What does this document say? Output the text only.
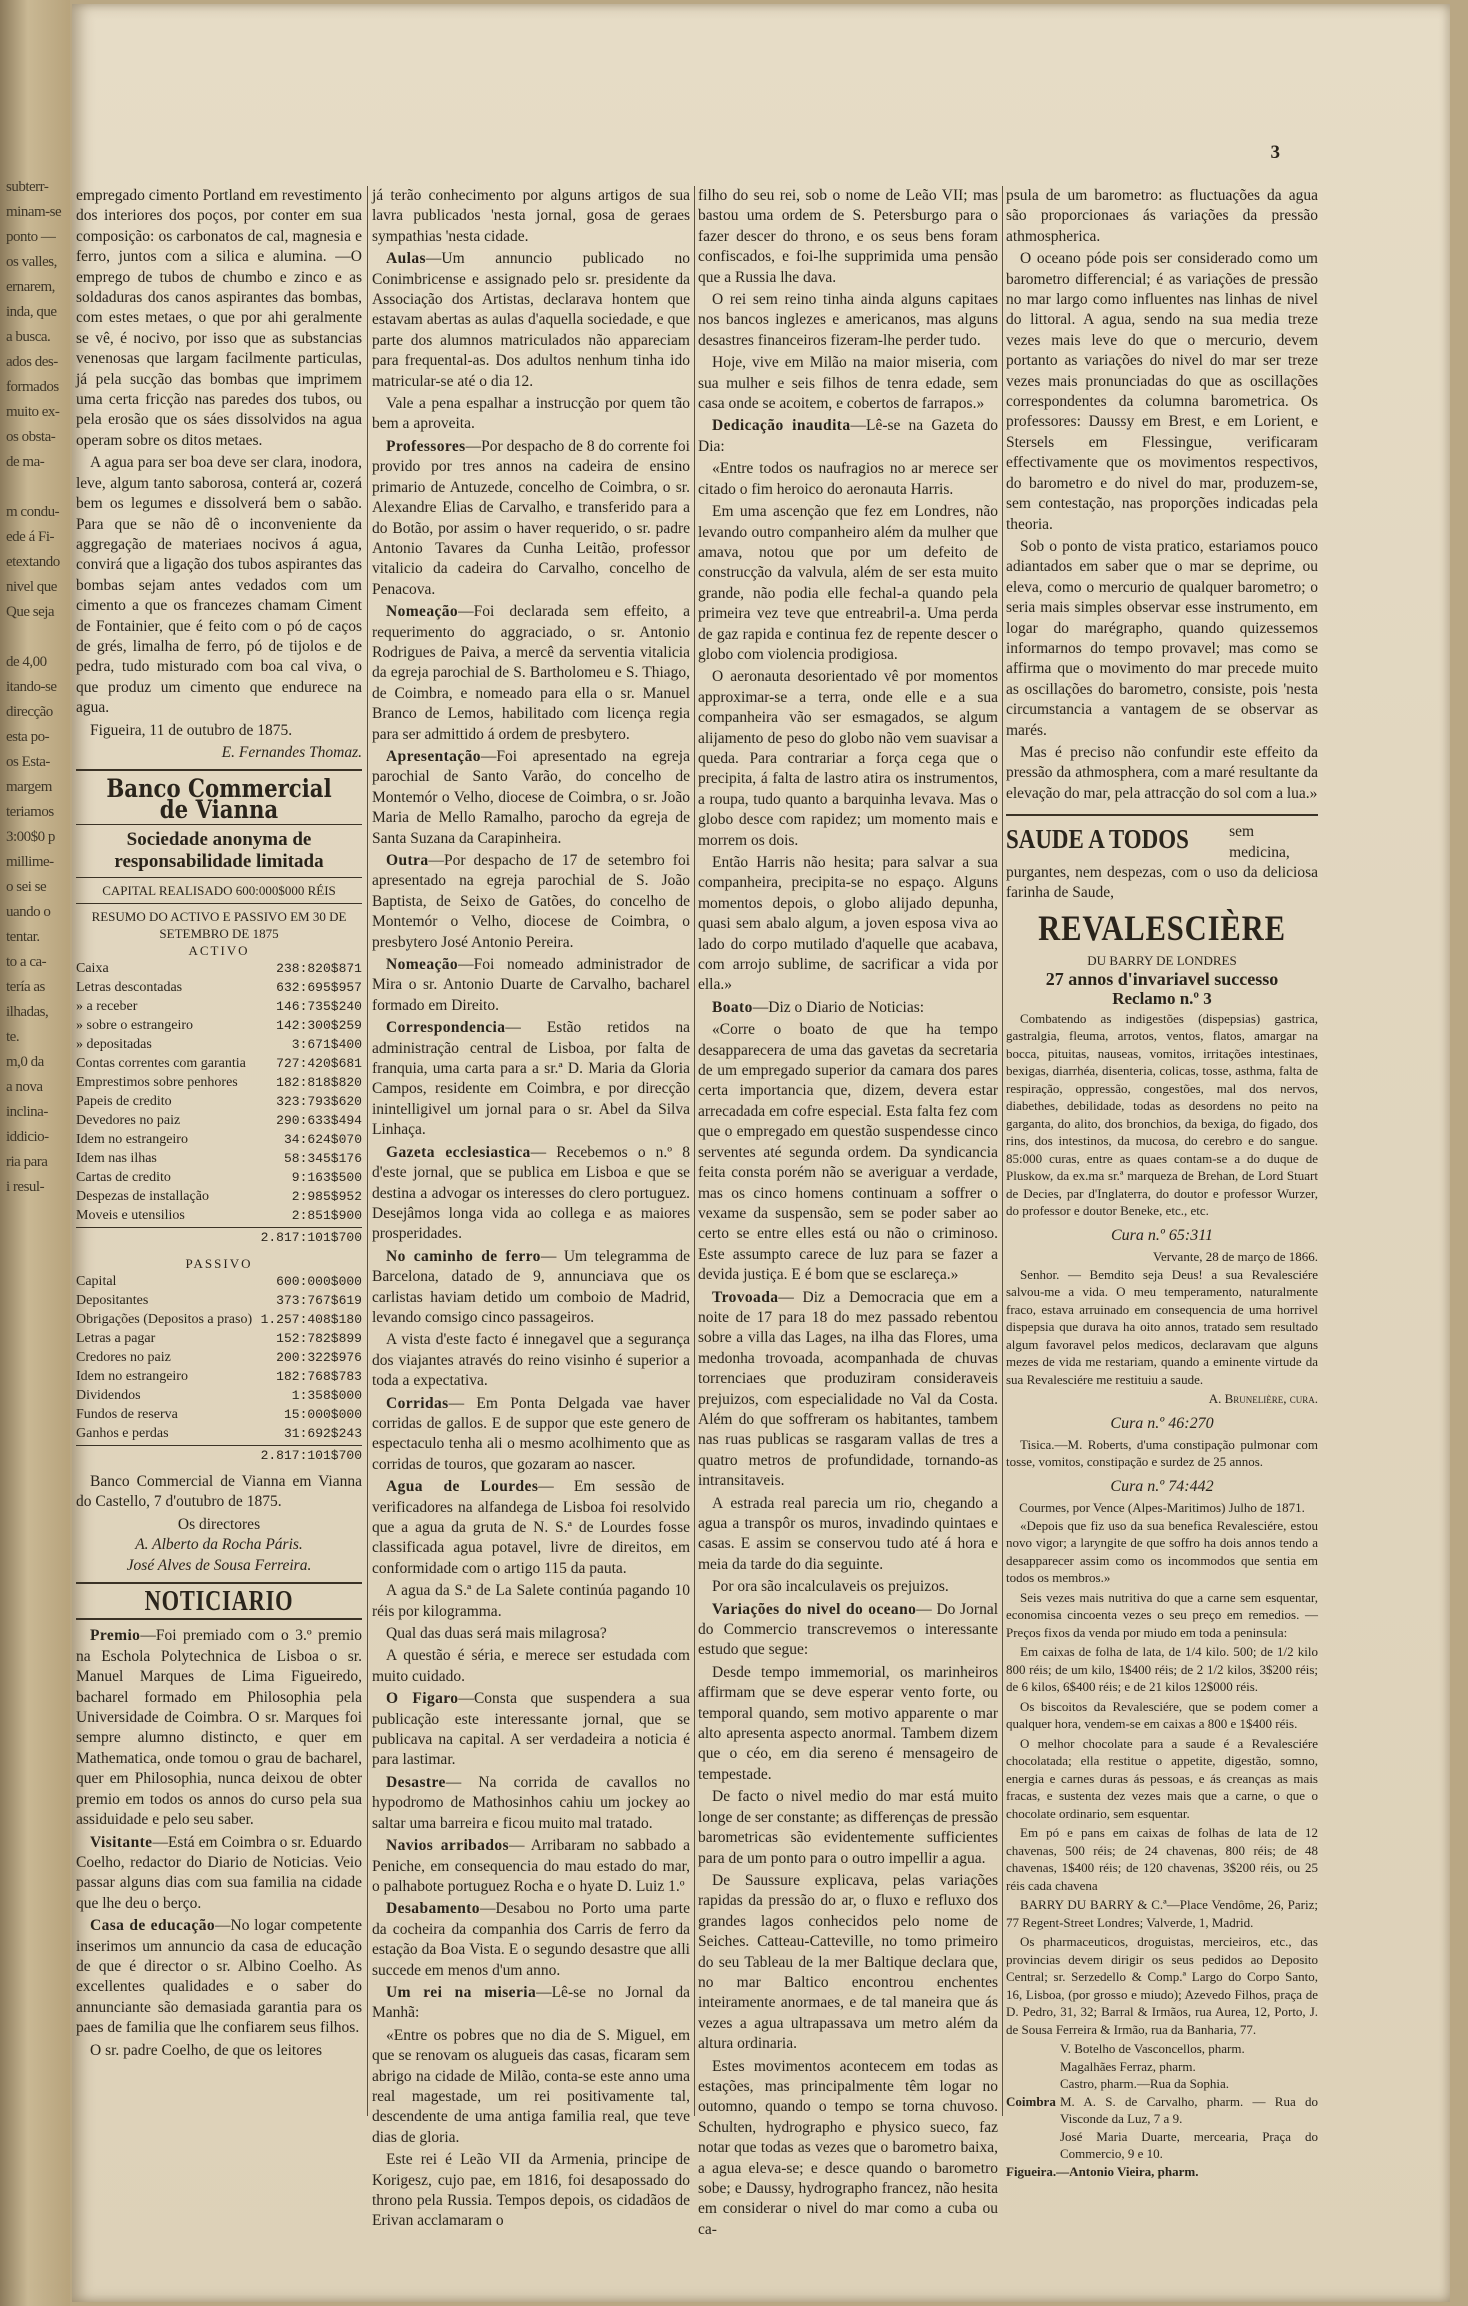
subterr-
minam-se
ponto —
os valles,
ernarem,
inda, que
a busca.
ados des-
formados
muito ex-
os obsta-
de ma-

m condu-
ede á Fi-
etextando
nivel que
Que seja

de 4,00
itando-se
direcção
esta po-
os Esta-
margem
teriamos
3:00$0 p
millime-
o sei se
uando o
tentar.
to a ca-
tería as
ilhadas,
te.
m,0 da
a nova
inclina-
iddicio-
ria para
i resul-
3

empregado cimento Portland em revestimento dos interiores dos poços, por conter em sua composição: os carbonatos de cal, magnesia e ferro, juntos com a silica e alumina. —O emprego de tubos de chumbo e zinco e as soldaduras dos canos aspirantes das bombas, com estes metaes, o que por ahi geralmente se vê, é nocivo, por isso que as substancias venenosas que largam facilmente particulas, já pela sucção das bombas que imprimem uma certa fricção nas paredes dos tubos, ou pela erosão que os sáes dissolvidos na agua operam sobre os ditos metaes.

A agua para ser boa deve ser clara, inodora, leve, algum tanto saborosa, conterá ar, cozerá bem os legumes e dissolverá bem o sabão. Para que se não dê o inconveniente da aggregação de materiaes nocivos á agua, convirá que a ligação dos tubos aspirantes das bombas sejam antes vedados com um cimento a que os francezes chamam Ciment de Fontainier, que é feito com o pó de caços de grés, limalha de ferro, pó de tijolos e de pedra, tudo misturado com boa cal viva, o que produz um cimento que endurece na agua.

Figueira, 11 de outubro de 1875.

E. Fernandes Thomaz.

Banco Commercial de Vianna
Sociedade anonyma de responsabilidade limitada
CAPITAL REALISADO 600:000$000 RÉIS
RESUMO DO ACTIVO E PASSIVO EM 30 DE SETEMBRO DE 1875
ACTIVO
Caixa	238:820$871
Letras descontadas	632:695$957
» a receber	146:735$240
» sobre o estrangeiro	142:300$259
» depositadas	3:671$400
Contas correntes com garantia	727:420$681
Emprestimos sobre penhores	182:818$820
Papeis de credito	323:793$620
Devedores no paiz	290:633$494
Idem no estrangeiro	34:624$070
Idem nas ilhas	58:345$176
Cartas de credito	9:163$500
Despezas de installação	2:985$952
Moveis e utensilios	2:851$900
2.817:101$700
PASSIVO
Capital	600:000$000
Depositantes	373:767$619
Obrigações (Depositos a praso)	1.257:408$180
Letras a pagar	152:782$899
Credores no paiz	200:322$976
Idem no estrangeiro	182:768$783
Dividendos	1:358$000
Fundos de reserva	15:000$000
Ganhos e perdas	31:692$243
2.817:101$700

Banco Commercial de Vianna em Vianna do Castello, 7 d'outubro de 1875.

Os directores
A. Alberto da Rocha Páris.
José Alves de Sousa Ferreira.
NOTICIARIO

Premio—Foi premiado com o 3.º premio na Eschola Polytechnica de Lisboa o sr. Manuel Marques de Lima Figueiredo, bacharel formado em Philosophia pela Universidade de Coimbra. O sr. Marques foi sempre alumno distincto, e quer em Mathematica, onde tomou o grau de bacharel, quer em Philosophia, nunca deixou de obter premio em todos os annos do curso pela sua assiduidade e pelo seu saber.

Visitante—Está em Coimbra o sr. Eduardo Coelho, redactor do Diario de Noticias. Veio passar alguns dias com sua familia na cidade que lhe deu o berço.

Casa de educação—No logar competente inserimos um annuncio da casa de educação de que é director o sr. Albino Coelho. As excellentes qualidades e o saber do annunciante são demasiada garantia para os paes de familia que lhe confiarem seus filhos.

O sr. padre Coelho, de que os leitores

já terão conhecimento por alguns artigos de sua lavra publicados 'nesta jornal, gosa de geraes sympathias 'nesta cidade.

Aulas—Um annuncio publicado no Conimbricense e assignado pelo sr. presidente da Associação dos Artistas, declarava hontem que estavam abertas as aulas d'aquella sociedade, e que parte dos alumnos matriculados não appareciam para frequental-as. Dos adultos nenhum tinha ido matricular-se até o dia 12.

Vale a pena espalhar a instrucção por quem tão bem a aproveita.

Professores—Por despacho de 8 do corrente foi provido por tres annos na cadeira de ensino primario de Antuzede, concelho de Coimbra, o sr. Alexandre Elias de Carvalho, e transferido para a do Botão, por assim o haver requerido, o sr. padre Antonio Tavares da Cunha Leitão, professor vitalicio da cadeira do Carvalho, concelho de Penacova.

Nomeação—Foi declarada sem effeito, a requerimento do aggraciado, o sr. Antonio Rodrigues de Paiva, a mercê da serventia vitalicia da egreja parochial de S. Bartholomeu e S. Thiago, de Coimbra, e nomeado para ella o sr. Manuel Branco de Lemos, habilitado com licença regia para ser admittido á ordem de presbytero.

Apresentação—Foi apresentado na egreja parochial de Santo Varão, do concelho de Montemór o Velho, diocese de Coimbra, o sr. João Maria de Mello Ramalho, parocho da egreja de Santa Suzana da Carapinheira.

Outra—Por despacho de 17 de setembro foi apresentado na egreja parochial de S. João Baptista, de Seixo de Gatões, do concelho de Montemór o Velho, diocese de Coimbra, o presbytero José Antonio Pereira.

Nomeação—Foi nomeado administrador de Mira o sr. Antonio Duarte de Carvalho, bacharel formado em Direito.

Correspondencia— Estão retidos na administração central de Lisboa, por falta de franquia, uma carta para a sr.ª D. Maria da Gloria Campos, residente em Coimbra, e por direcção inintelligivel um jornal para o sr. Abel da Silva Linhaça.

Gazeta ecclesiastica— Recebemos o n.º 8 d'este jornal, que se publica em Lisboa e que se destina a advogar os interesses do clero portuguez. Desejâmos longa vida ao collega e as maiores prosperidades.

No caminho de ferro— Um telegramma de Barcelona, datado de 9, annunciava que os carlistas haviam detido um comboio de Madrid, levando comsigo cinco passageiros.

A vista d'este facto é innegavel que a segurança dos viajantes através do reino visinho é superior a toda a expectativa.

Corridas— Em Ponta Delgada vae haver corridas de gallos. E de suppor que este genero de espectaculo tenha ali o mesmo acolhimento que as corridas de touros, que gozaram ao nascer.

Agua de Lourdes— Em sessão de verificadores na alfandega de Lisboa foi resolvido que a agua da gruta de N. S.ª de Lourdes fosse classificada agua potavel, livre de direitos, em conformidade com o artigo 115 da pauta.

A agua da S.ª de La Salete continúa pagando 10 réis por kilogramma.

Qual das duas será mais milagrosa?

A questão é séria, e merece ser estudada com muito cuidado.

O Figaro—Consta que suspendera a sua publicação este interessante jornal, que se publicava na capital. A ser verdadeira a noticia é para lastimar.

Desastre— Na corrida de cavallos no hypodromo de Mathosinhos cahiu um jockey ao saltar uma barreira e ficou muito mal tratado.

Navios arribados— Arribaram no sabbado a Peniche, em consequencia do mau estado do mar, o palhabote portuguez Rocha e o hyate D. Luiz 1.º

Desabamento—Desabou no Porto uma parte da cocheira da companhia dos Carris de ferro da estação da Boa Vista. E o segundo desastre que alli succede em menos d'um anno.

Um rei na miseria—Lê-se no Jornal da Manhã:

«Entre os pobres que no dia de S. Miguel, em que se renovam os alugueis das casas, ficaram sem abrigo na cidade de Milão, conta-se este anno uma real magestade, um rei positivamente tal, descendente de uma antiga familia real, que teve dias de gloria.

Este rei é Leão VII da Armenia, principe de Korigesz, cujo pae, em 1816, foi desapossado do throno pela Russia. Tempos depois, os cidadãos de Erivan acclamaram o

filho do seu rei, sob o nome de Leão VII; mas bastou uma ordem de S. Petersburgo para o fazer descer do throno, e os seus bens foram confiscados, e foi-lhe supprimida uma pensão que a Russia lhe dava.

O rei sem reino tinha ainda alguns capitaes nos bancos inglezes e americanos, mas alguns desastres financeiros fizeram-lhe perder tudo.

Hoje, vive em Milão na maior miseria, com sua mulher e seis filhos de tenra edade, sem casa onde se acoitem, e cobertos de farrapos.»

Dedicação inaudita—Lê-se na Gazeta do Dia:

«Entre todos os naufragios no ar merece ser citado o fim heroico do aeronauta Harris.

Em uma ascenção que fez em Londres, não levando outro companheiro além da mulher que amava, notou que por um defeito de construcção da valvula, além de ser esta muito grande, não podia elle fechal-a quando pela primeira vez teve que entreabril-a. Uma perda de gaz rapida e continua fez de repente descer o globo com violencia prodigiosa.

O aeronauta desorientado vê por momentos approximar-se a terra, onde elle e a sua companheira vão ser esmagados, se algum alijamento de peso do globo não vem suavisar a queda. Para contrariar a força cega que o precipita, á falta de lastro atira os instrumentos, a roupa, tudo quanto a barquinha levava. Mas o globo desce com rapidez; um momento mais e morrem os dois.

Então Harris não hesita; para salvar a sua companheira, precipita-se no espaço. Alguns momentos depois, o globo alijado depunha, quasi sem abalo algum, a joven esposa viva ao lado do corpo mutilado d'aquelle que acabava, com arrojo sublime, de sacrificar a vida por ella.»

Boato—Diz o Diario de Noticias:

«Corre o boato de que ha tempo desapparecera de uma das gavetas da secretaria de um empregado superior da camara dos pares certa importancia que, dizem, devera estar arrecadada em cofre especial. Esta falta fez com que o empregado em questão suspendesse cinco serventes até segunda ordem. Da syndicancia feita consta porém não se averiguar a verdade, mas os cinco homens continuam a soffrer o vexame da suspensão, sem se poder saber ao certo se entre elles está ou não o criminoso. Este assumpto carece de luz para se fazer a devida justiça. E é bom que se esclareça.»

Trovoada— Diz a Democracia que em a noite de 17 para 18 do mez passado rebentou sobre a villa das Lages, na ilha das Flores, uma medonha trovoada, acompanhada de chuvas torrenciaes que produziram consideraveis prejuizos, com especialidade no Val da Costa. Além do que soffreram os habitantes, tambem nas ruas publicas se rasgaram vallas de tres a quatro metros de profundidade, tornando-as intransitaveis.

A estrada real parecia um rio, chegando a agua a transpôr os muros, invadindo quintaes e casas. E assim se conservou tudo até á hora e meia da tarde do dia seguinte.

Por ora são incalculaveis os prejuizos.

Variações do nivel do oceano— Do Jornal do Commercio transcrevemos o interessante estudo que segue:

Desde tempo immemorial, os marinheiros affirmam que se deve esperar vento forte, ou temporal quando, sem motivo apparente o mar alto apresenta aspecto anormal. Tambem dizem que o céo, em dia sereno é mensageiro de tempestade.

De facto o nivel medio do mar está muito longe de ser constante; as differenças de pressão barometricas são evidentemente sufficientes para de um ponto para o outro impellir a agua.

De Saussure explicava, pelas variações rapidas da pressão do ar, o fluxo e refluxo dos grandes lagos conhecidos pelo nome de Seiches. Catteau-Catteville, no tomo primeiro do seu Tableau de la mer Baltique declara que, no mar Baltico encontrou enchentes inteiramente anormaes, e de tal maneira que ás vezes a agua ultrapassava um metro além da altura ordinaria.

Estes movimentos acontecem em todas as estações, mas principalmente têm logar no outomno, quando o tempo se torna chuvoso. Schulten, hydrographo e physico sueco, faz notar que todas as vezes que o barometro baixa, a agua eleva-se; e desce quando o barometro sobe; e Daussy, hydrographo francez, não hesita em considerar o nivel do mar como a cuba ou ca-

psula de um barometro: as fluctuações da agua são proporcionaes ás variações da pressão athmospherica.

O oceano póde pois ser considerado como um barometro differencial; é as variações de pressão no mar largo como influentes nas linhas de nivel do littoral. A agua, sendo na sua media treze vezes mais leve do que o mercurio, devem portanto as variações do nivel do mar ser treze vezes mais pronunciadas do que as oscillações correspondentes da columna barometrica. Os professores: Daussy em Brest, e em Lorient, e Stersels em Flessingue, verificaram effectivamente que os movimentos respectivos, do barometro e do nivel do mar, produzem-se, sem contestação, nas proporções indicadas pela theoria.

Sob o ponto de vista pratico, estariamos pouco adiantados em saber que o mar se deprime, ou eleva, como o mercurio de qualquer barometro; o seria mais simples observar esse instrumento, em logar do marégrapho, quando quizessemos informarnos do tempo provavel; mas como se affirma que o movimento do mar precede muito as oscillações do barometro, consiste, pois 'nesta circumstancia a vantagem de se observar as marés.

Mas é preciso não confundir este effeito da pressão da athmosphera, com a maré resultante da elevação do mar, pela attracção do sol com a lua.»

SAUDE A TODOS	sem medicina, purgantes, nem despezas, com o uso da deliciosa farinha de Saude,
REVALESCIÈRE
DU BARRY DE LONDRES
27 annos d'invariavel successo
Reclamo n.º 3

Combatendo as indigestões (dispepsias) gastrica, gastralgia, fleuma, arrotos, ventos, flatos, amargar na bocca, pituitas, nauseas, vomitos, irritações intestinaes, bexigas, diarrhéa, disenteria, colicas, tosse, asthma, falta de respiração, oppressão, congestões, mal dos nervos, diabethes, debilidade, todas as desordens no peito na garganta, do alito, dos bronchios, da bexiga, do figado, dos rins, dos intestinos, da mucosa, do cerebro e do sangue. 85:000 curas, entre as quaes contam-se a do duque de Pluskow, da ex.ma sr.ª marqueza de Brehan, de Lord Stuart de Decies, par d'Inglaterra, do doutor e professor Wurzer, do professor e doutor Beneke, etc., etc.

Cura n.º 65:311
Vervante, 28 de março de 1866.

Senhor. — Bemdito seja Deus! a sua Revalesciére salvou-me a vida. O meu temperamento, naturalmente fraco, estava arruinado em consequencia de uma horrivel dispepsia que durava ha oito annos, tratado sem resultado algum favoravel pelos medicos, declaravam que alguns mezes de vida me restariam, quando a eminente virtude da sua Revalesciére me restituiu a saude.

A. Brunelière, cura.
Cura n.º 46:270

Tisica.—M. Roberts, d'uma constipação pulmonar com tosse, vomitos, constipação e surdez de 25 annos.

Cura n.º 74:442
Courmes, por Vence (Alpes-Maritimos) Julho de 1871.

«Depois que fiz uso da sua benefica Revalesciére, estou novo vigor; a laryngite de que soffro ha dois annos tendo a desapparecer assim como os incommodos que sentia em todos os membros.»

Seis vezes mais nutritiva do que a carne sem esquentar, economisa cincoenta vezes o seu preço em remedios. — Preços fixos da venda por miudo em toda a peninsula:

Em caixas de folha de lata, de 1/4 kilo. 500; de 1/2 kilo 800 réis; de um kilo, 1$400 réis; de 2 1/2 kilos, 3$200 réis; de 6 kilos, 6$400 réis; e de 21 kilos 12$000 réis.

Os biscoitos da Revalesciére, que se podem comer a qualquer hora, vendem-se em caixas a 800 e 1$400 réis.

O melhor chocolate para a saude é a Revalesciére chocolatada; ella restitue o appetite, digestão, somno, energia e carnes duras ás pessoas, e ás creanças as mais fracas, e sustenta dez vezes mais que a carne, o que o chocolate ordinario, sem esquentar.

Em pó e pans em caixas de folhas de lata de 12 chavenas, 500 réis; de 24 chavenas, 800 réis; de 48 chavenas, 1$400 réis; de 120 chavenas, 3$200 réis, ou 25 réis cada chavena

BARRY DU BARRY & C.ª—Place Vendôme, 26, Pariz; 77 Regent-Street Londres; Valverde, 1, Madrid.

Os pharmaceuticos, droguistas, mercieiros, etc., das provincias devem dirigir os seus pedidos ao Deposito Central; sr. Serzedello & Comp.ª Largo do Corpo Santo, 16, Lisboa, (por grosso e miudo); Azevedo Filhos, praça de D. Pedro, 31, 32; Barral & Irmãos, rua Aurea, 12, Porto, J. de Sousa Ferreira & Irmão, rua da Banharia, 77.

Coimbra
V. Botelho de Vasconcellos, pharm.
Magalhães Ferraz, pharm.
Castro, pharm.—Rua da Sophia.
M. A. S. de Carvalho, pharm. — Rua do Visconde da Luz, 7 a 9.
José Maria Duarte, mercearia, Praça do Commercio, 9 e 10.

Figueira.—Antonio Vieira, pharm.
